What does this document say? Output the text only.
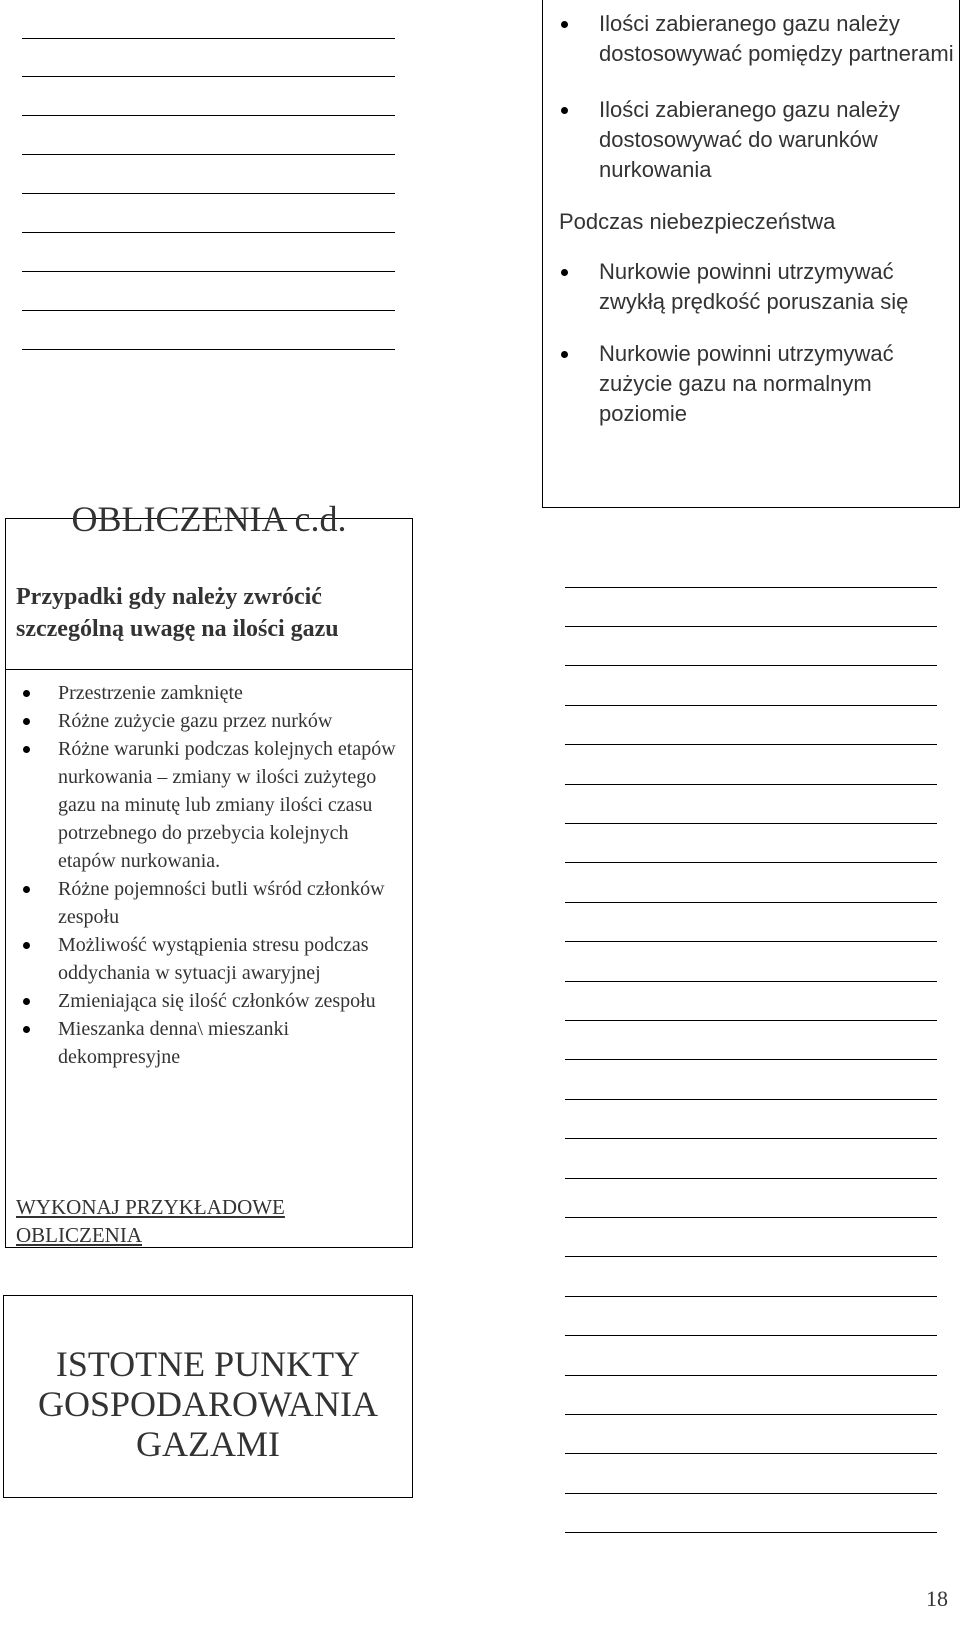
Ilości zabieranego gazu należy dostosowywać pomiędzy partnerami
Ilości zabieranego gazu należy dostosowywać do warunków nurkowania
Podczas niebezpieczeństwa
Nurkowie powinni utrzymywać zwykłą prędkość poruszania się
Nurkowie powinni utrzymywać zużycie gazu na normalnym poziomie
OBLICZENIA c.d.
Przypadki gdy należy zwrócić szczególną uwagę na ilości gazu
Przestrzenie zamknięte
Różne zużycie gazu przez nurków
Różne warunki podczas kolejnych etapów nurkowania – zmiany w ilości zużytego gazu na minutę lub zmiany ilości czasu potrzebnego do przebycia kolejnych etapów nurkowania.
Różne pojemności butli wśród członków zespołu
Możliwość wystąpienia stresu podczas oddychania w sytuacji awaryjnej
Zmieniająca się ilość członków zespołu
Mieszanka denna\ mieszanki dekompresyjne
WYKONAJ PRZYKŁADOWE OBLICZENIA
ISTOTNE PUNKTY GOSPODAROWANIA GAZAMI
18
